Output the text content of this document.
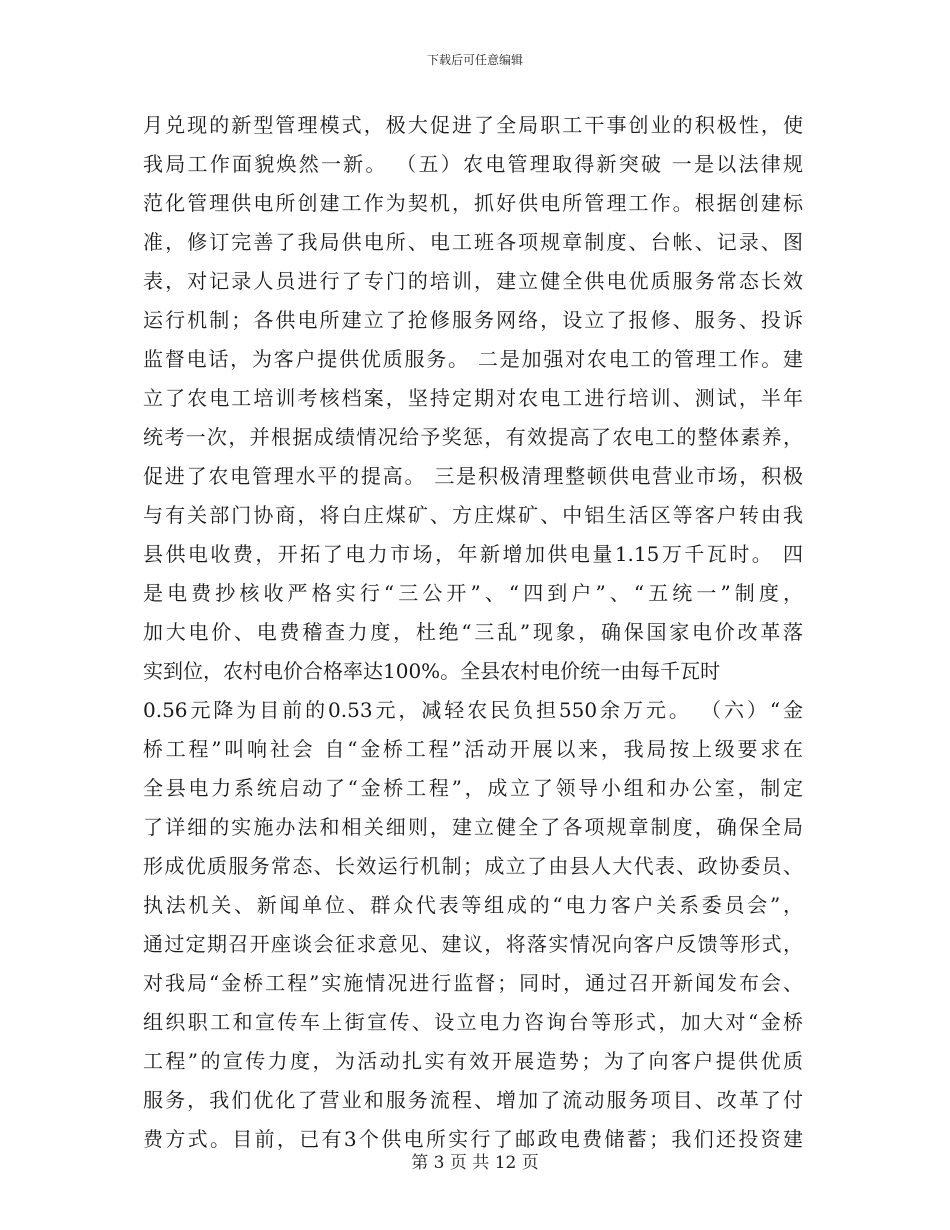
下载后可任意编辑
月兑现的新型管理模式，极大促进了全局职工干事创业的积极性，使
我局工作面貌焕然一新。 （五）农电管理取得新突破 一是以法律规
范化管理供电所创建工作为契机，抓好供电所管理工作。根据创建标
准，修订完善了我局供电所、电工班各项规章制度、台帐、记录、图
表，对记录人员进行了专门的培训，建立健全供电优质服务常态长效
运行机制；各供电所建立了抢修服务网络，设立了报修、服务、投诉
监督电话，为客户提供优质服务。 二是加强对农电工的管理工作。建
立了农电工培训考核档案，坚持定期对农电工进行培训、测试，半年
统考一次，并根据成绩情况给予奖惩，有效提高了农电工的整体素养，
促进了农电管理水平的提高。 三是积极清理整顿供电营业市场，积极
与有关部门协商，将白庄煤矿、方庄煤矿、中铝生活区等客户转由我
县供电收费，开拓了电力市场，年新增加供电量1.15万千瓦时。 四
是电费抄核收严格实行“三公开”、“四到户”、“五统一”制度，
加大电价、电费稽查力度，杜绝“三乱”现象，确保国家电价改革落
实到位，农村电价合格率达100%。全县农村电价统一由每千瓦时
0.56元降为目前的0.53元，减轻农民负担550余万元。 （六）“金
桥工程”叫响社会 自“金桥工程”活动开展以来，我局按上级要求在
全县电力系统启动了“金桥工程”，成立了领导小组和办公室，制定
了详细的实施办法和相关细则，建立健全了各项规章制度，确保全局
形成优质服务常态、长效运行机制；成立了由县人大代表、政协委员、
执法机关、新闻单位、群众代表等组成的“电力客户关系委员会”，
通过定期召开座谈会征求意见、建议，将落实情况向客户反馈等形式，
对我局“金桥工程”实施情况进行监督；同时，通过召开新闻发布会、
组织职工和宣传车上街宣传、设立电力咨询台等形式，加大对“金桥
工程”的宣传力度，为活动扎实有效开展造势；为了向客户提供优质
服务，我们优化了营业和服务流程、增加了流动服务项目、改革了付
费方式。目前，已有3个供电所实行了邮政电费储蓄；我们还投资建
第 3 页 共 12 页
